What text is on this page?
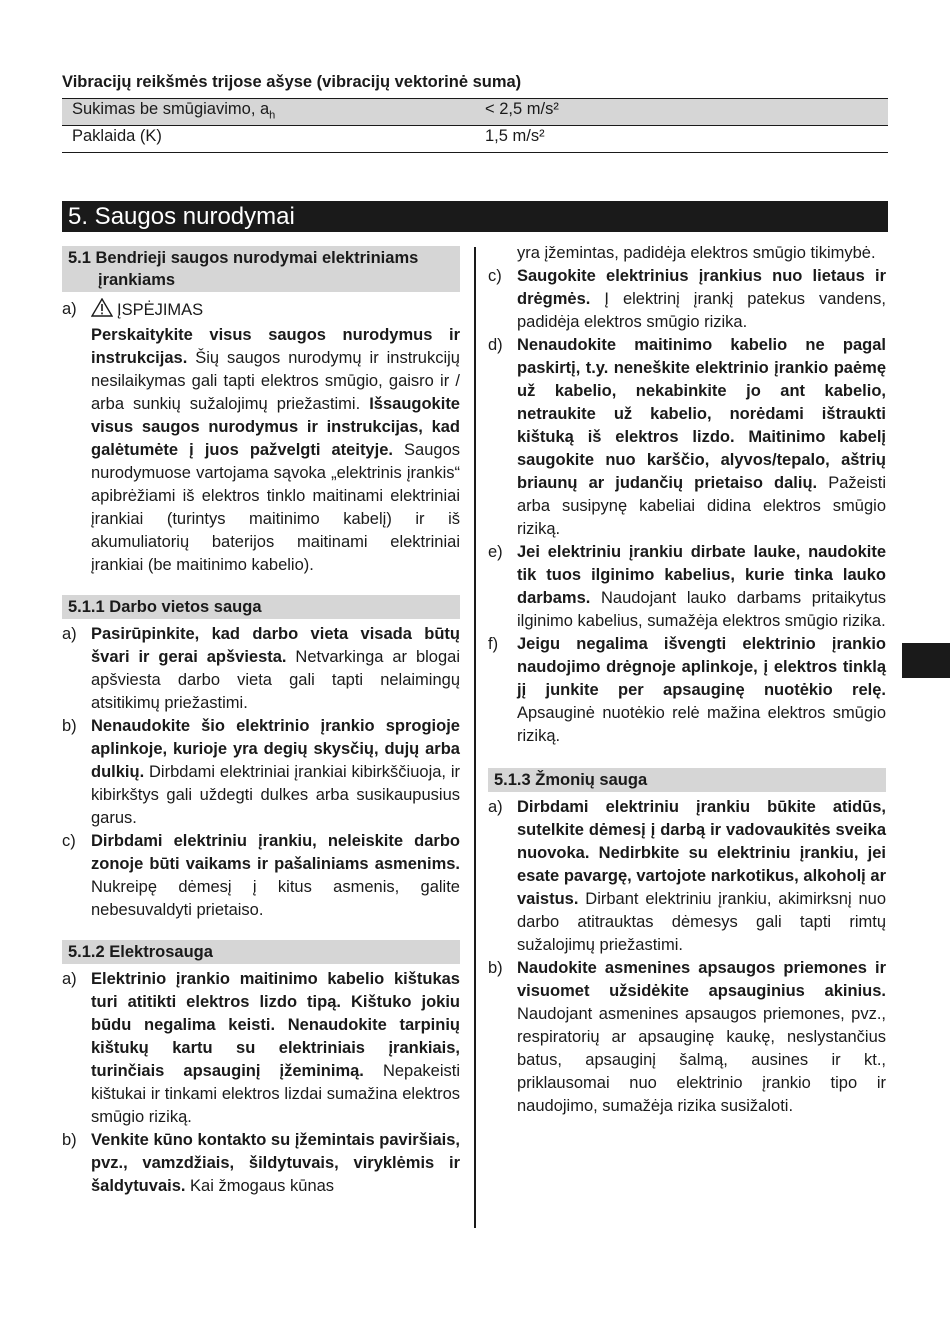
Vibracijų reikšmės trijose ašyse (vibracijų vektorinė suma)
Sukimas be smūgiavimo, $a_h$	< 2,5 m/s²
Paklaida (K)	1,5 m/s²
5. Saugos nurodymai
5.1 Bendrieji saugos nurodymai elektriniams įrankiams
a)	ĮSPĖJIMAS
Perskaitykite visus saugos nurodymus ir instrukcijas. Šių saugos nurodymų ir instrukcijų nesilaikymas gali tapti elektros smūgio, gaisro ir / arba sunkių sužalojimų priežastimi. Išsaugokite visus saugos nurodymus ir instrukcijas, kad galėtumėte į juos pažvelgti ateityje. Saugos nurodymuose vartojama sąvoka „elektrinis įrankis“ apibrėžiami iš elektros tinklo maitinami elektriniai įrankiai (turintys maitinimo kabelį) ir iš akumuliatorių baterijos maitinami elektriniai įrankiai (be maitinimo kabelio).
5.1.1 Darbo vietos sauga
a) Pasirūpinkite, kad darbo vieta visada būtų švari ir gerai apšviesta. Netvarkinga ar blogai apšviesta darbo vieta gali tapti nelaimingų atsitikimų priežastimi.
b) Nenaudokite šio elektrinio įrankio sprogioje aplinkoje, kurioje yra degių skysčių, dujų arba dulkių. Dirbdami elektriniai įrankiai kibirkščiuoja, ir kibirkštys gali uždegti dulkes arba susikaupusius garus.
c) Dirbdami elektriniu įrankiu, neleiskite darbo zonoje būti vaikams ir pašaliniams asmenims. Nukreipę dėmesį į kitus asmenis, galite nebesuvaldyti prietaiso.
5.1.2 Elektrosauga
a) Elektrinio įrankio maitinimo kabelio kištukas turi atitikti elektros lizdo tipą. Kištuko jokiu būdu negalima keisti. Nenaudokite tarpinių kištukų kartu su elektriniais įrankiais, turinčiais apsauginį įžeminimą. Nepakeisti kištukai ir tinkami elektros lizdai sumažina elektros smūgio riziką.
b) Venkite kūno kontakto su įžemintais paviršiais, pvz., vamzdžiais, šildytuvais, viryklėmis ir šaldytuvais. Kai žmogaus kūnas
yra įžemintas, padidėja elektros smūgio tikimybė.
c) Saugokite elektrinius įrankius nuo lietaus ir drėgmės. Į elektrinį įrankį patekus vandens, padidėja elektros smūgio rizika.
d) Nenaudokite maitinimo kabelio ne pagal paskirtį, t.y. neneškite elektrinio įrankio paėmę už kabelio, nekabinkite jo ant kabelio, netraukite už kabelio, norėdami ištraukti kištuką iš elektros lizdo. Maitinimo kabelį saugokite nuo karščio, alyvos/tepalo, aštrių briaunų ar judančių prietaiso dalių. Pažeisti arba susipynę kabeliai didina elektros smūgio riziką.
e) Jei elektriniu įrankiu dirbate lauke, naudokite tik tuos ilginimo kabelius, kurie tinka lauko darbams. Naudojant lauko darbams pritaikytus ilginimo kabelius, sumažėja elektros smūgio rizika.
f)	Jeigu negalima išvengti elektrinio įrankio naudojimo drėgnoje aplinkoje, į elektros tinklą jį junkite per apsauginę nuotėkio relę. Apsauginė nuotėkio relė mažina elektros smūgio riziką.
5.1.3 Žmonių sauga
a) Dirbdami elektriniu įrankiu būkite atidūs, sutelkite dėmesį į darbą ir vadovaukitės sveika nuovoka. Nedirbkite su elektriniu įrankiu, jei esate pavargę, vartojote narkotikus, alkoholį ar vaistus. Dirbant elektriniu įrankiu, akimirksnį nuo darbo atitrauktas dėmesys gali tapti rimtų sužalojimų priežastimi.
b) Naudokite asmenines apsaugos priemones ir visuomet užsidėkite apsauginius akinius. Naudojant asmenines apsaugos priemones, pvz., respiratorių ar apsauginę kaukę, neslystančius batus, apsauginį šalmą, ausines ir kt., priklausomai nuo elektrinio įrankio tipo ir naudojimo, sumažėja rizika susižaloti.
